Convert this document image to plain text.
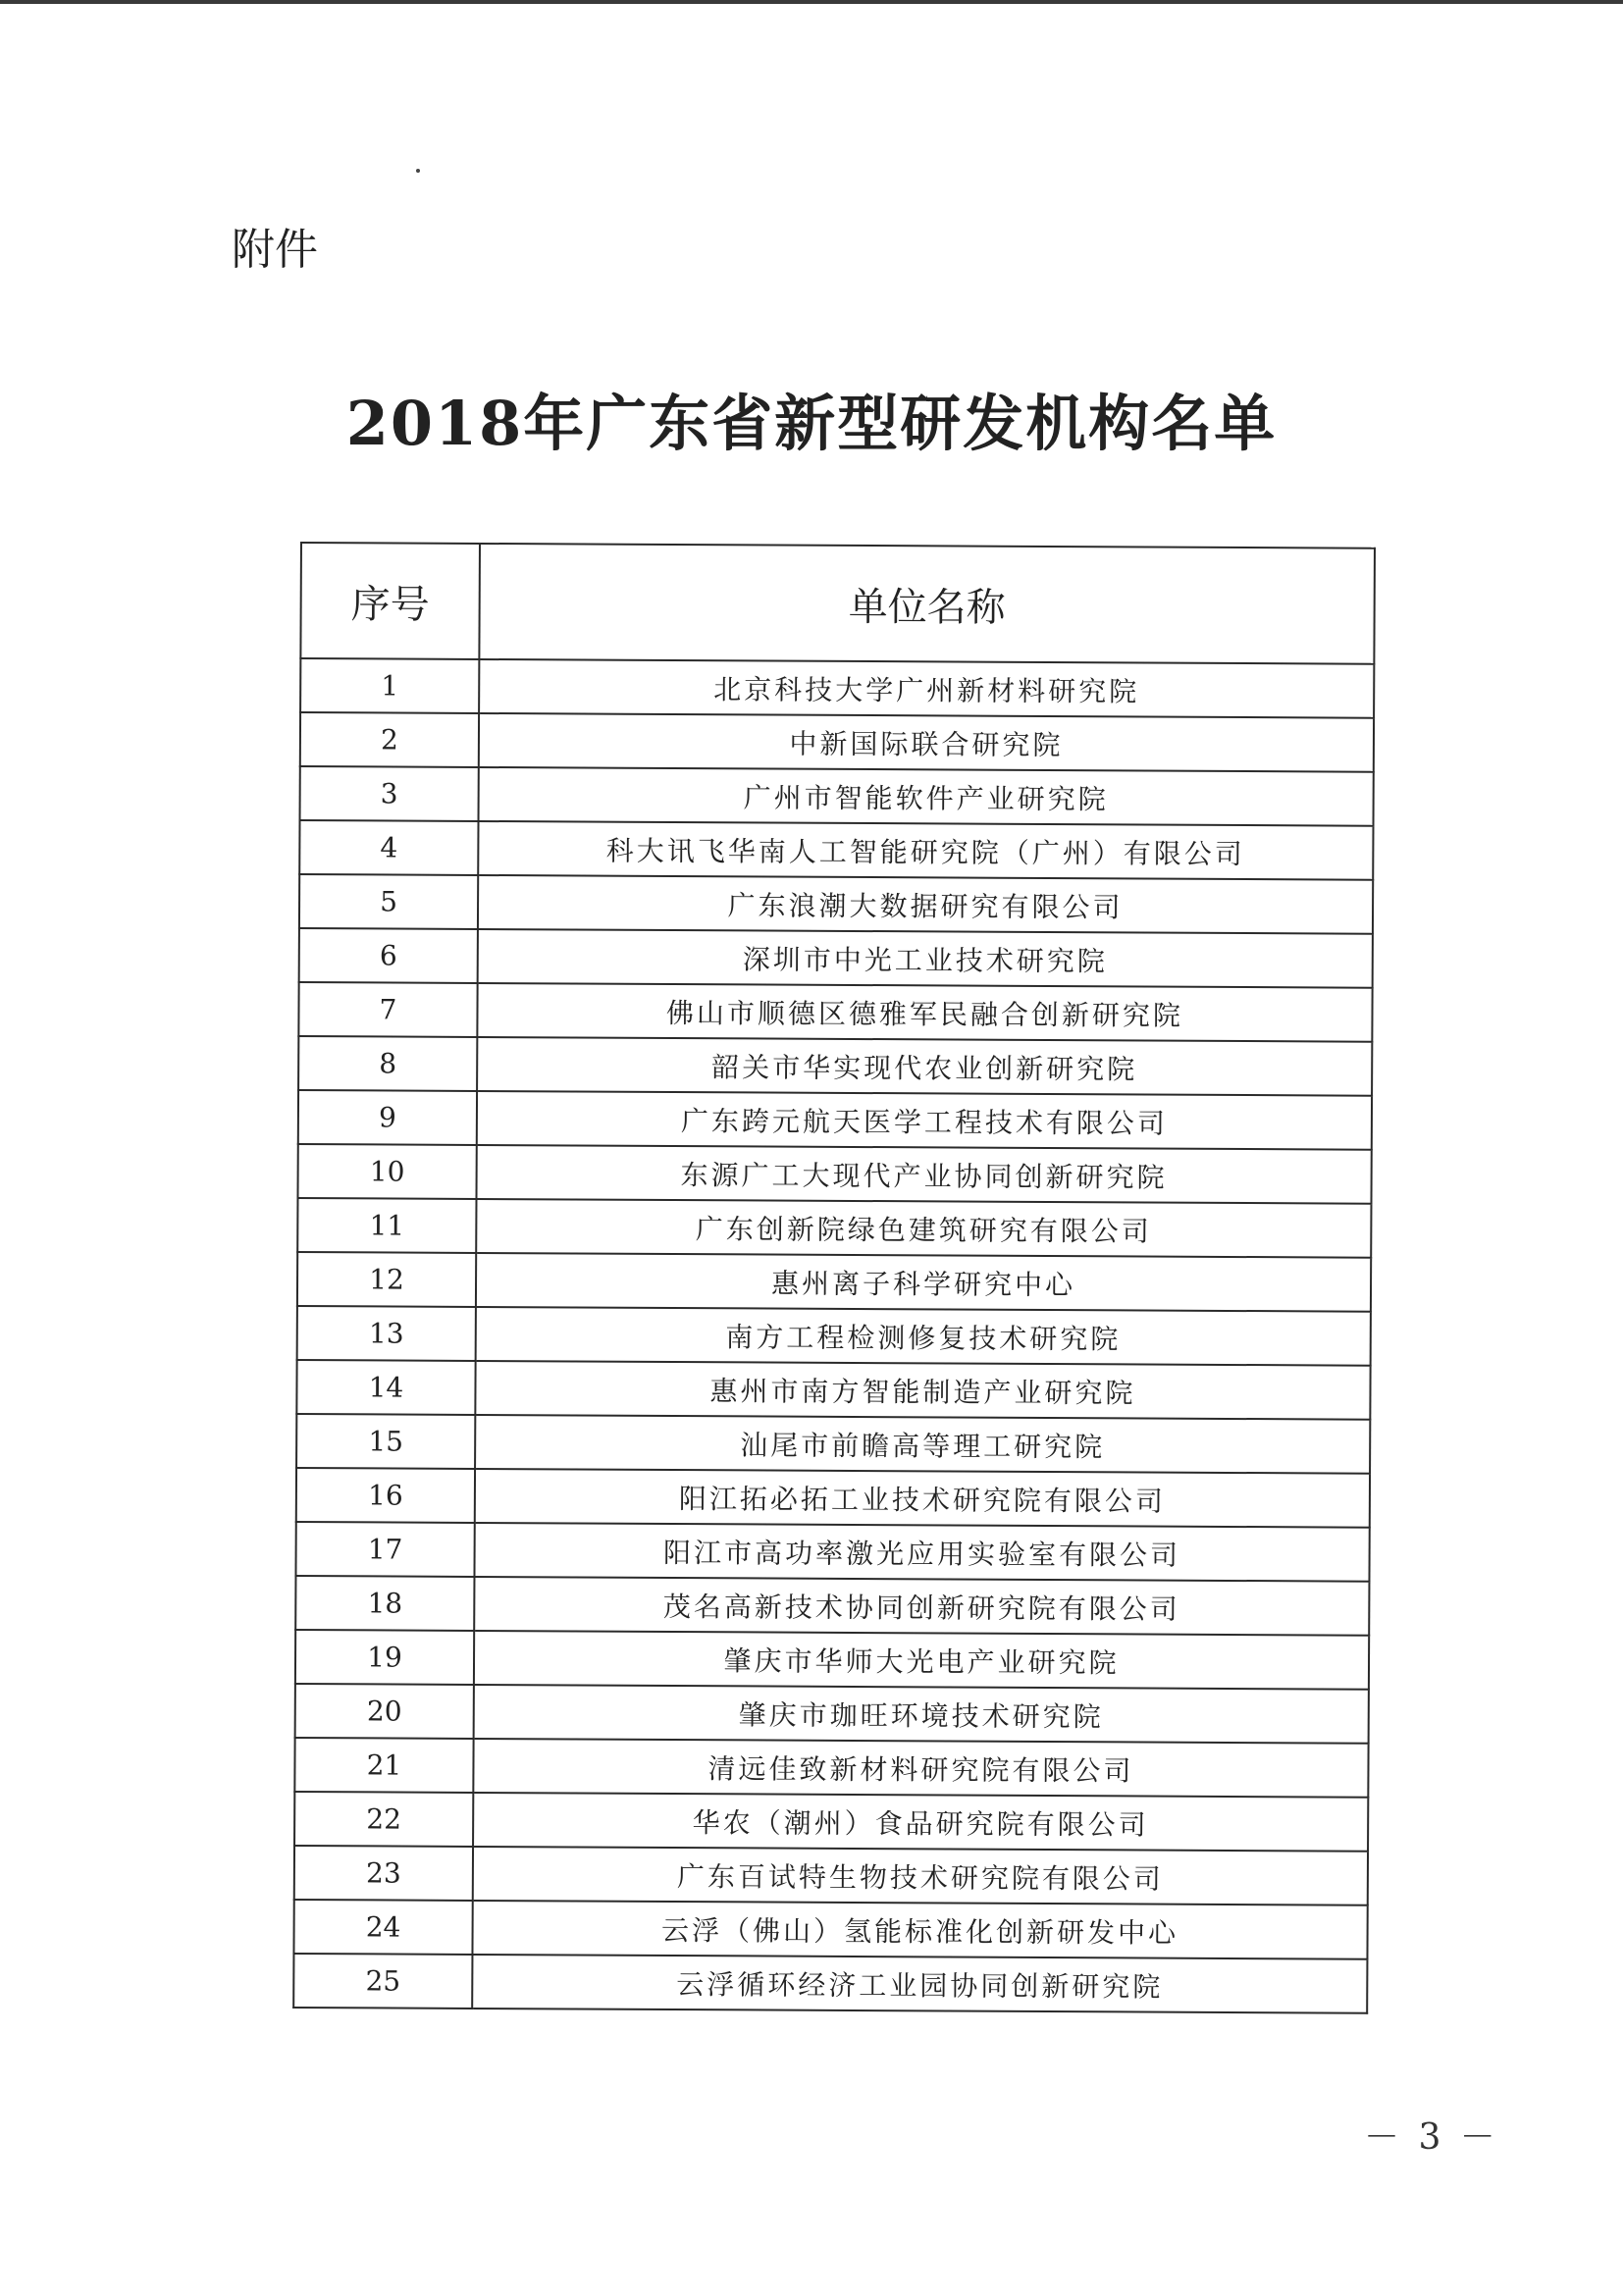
附件
2018年广东省新型研发机构名单
序号	单位名称
1	北京科技大学广州新材料研究院
2	中新国际联合研究院
3	广州市智能软件产业研究院
4	科大讯飞华南人工智能研究院（广州）有限公司
5	广东浪潮大数据研究有限公司
6	深圳市中光工业技术研究院
7	佛山市顺德区德雅军民融合创新研究院
8	韶关市华实现代农业创新研究院
9	广东跨元航天医学工程技术有限公司
10	东源广工大现代产业协同创新研究院
11	广东创新院绿色建筑研究有限公司
12	惠州离子科学研究中心
13	南方工程检测修复技术研究院
14	惠州市南方智能制造产业研究院
15	汕尾市前瞻高等理工研究院
16	阳江拓必拓工业技术研究院有限公司
17	阳江市高功率激光应用实验室有限公司
18	茂名高新技术协同创新研究院有限公司
19	肇庆市华师大光电产业研究院
20	肇庆市珈旺环境技术研究院
21	清远佳致新材料研究院有限公司
22	华农（潮州）食品研究院有限公司
23	广东百试特生物技术研究院有限公司
24	云浮（佛山）氢能标准化创新研发中心
25	云浮循环经济工业园协同创新研究院
－ 3 －
